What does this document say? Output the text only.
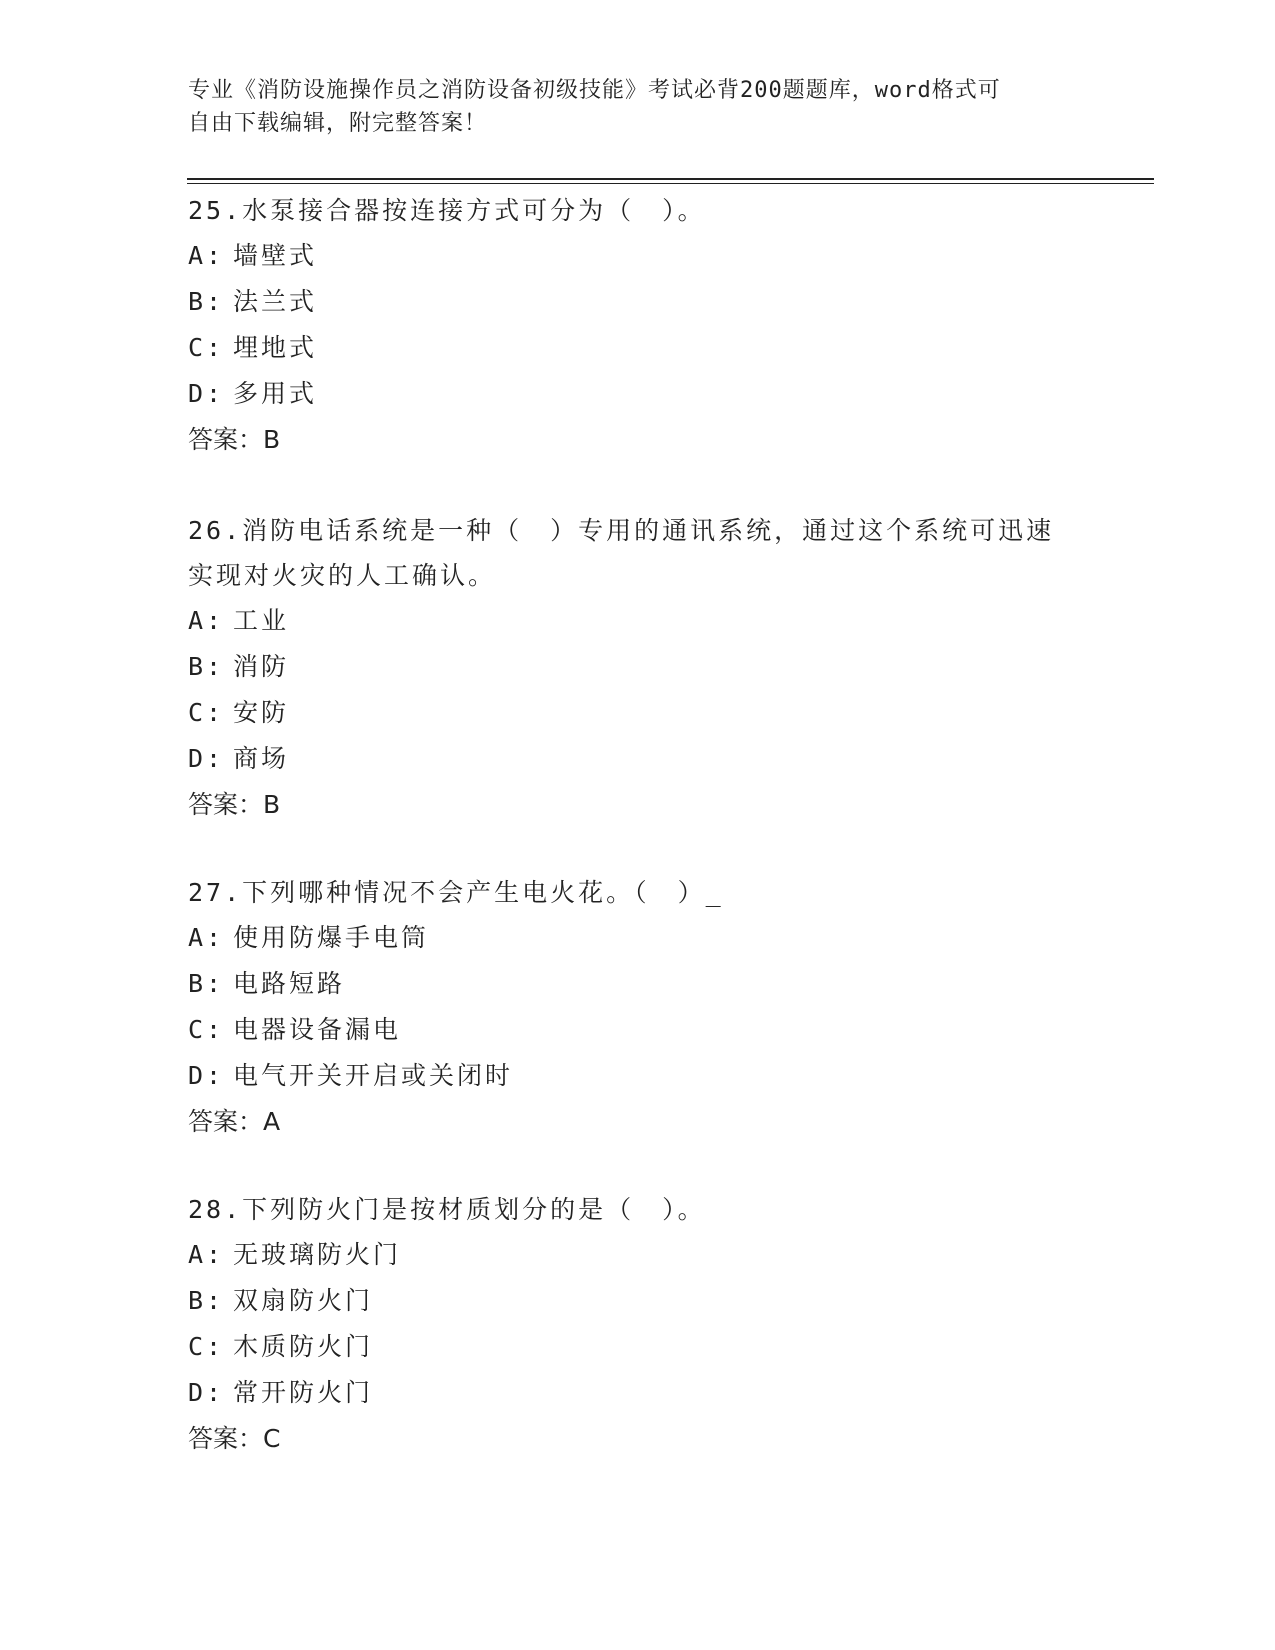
专业《消防设施操作员之消防设备初级技能》考试必背200题题库，word格式可
自由下载编辑，附完整答案！

25.水泵接合器按连接方式可分为（　）。

A: 墙壁式

B: 法兰式

C: 埋地式

D: 多用式

答案：B

26.消防电话系统是一种（　）专用的通讯系统，通过这个系统可迅速实现对火灾的人工确认。

A: 工业

B: 消防

C: 安防

D: 商场

答案：B

27.下列哪种情况不会产生电火花。（　）_

A: 使用防爆手电筒

B: 电路短路

C: 电器设备漏电

D: 电气开关开启或关闭时

答案：A

28.下列防火门是按材质划分的是（　）。

A: 无玻璃防火门

B: 双扇防火门

C: 木质防火门

D: 常开防火门

答案：C
